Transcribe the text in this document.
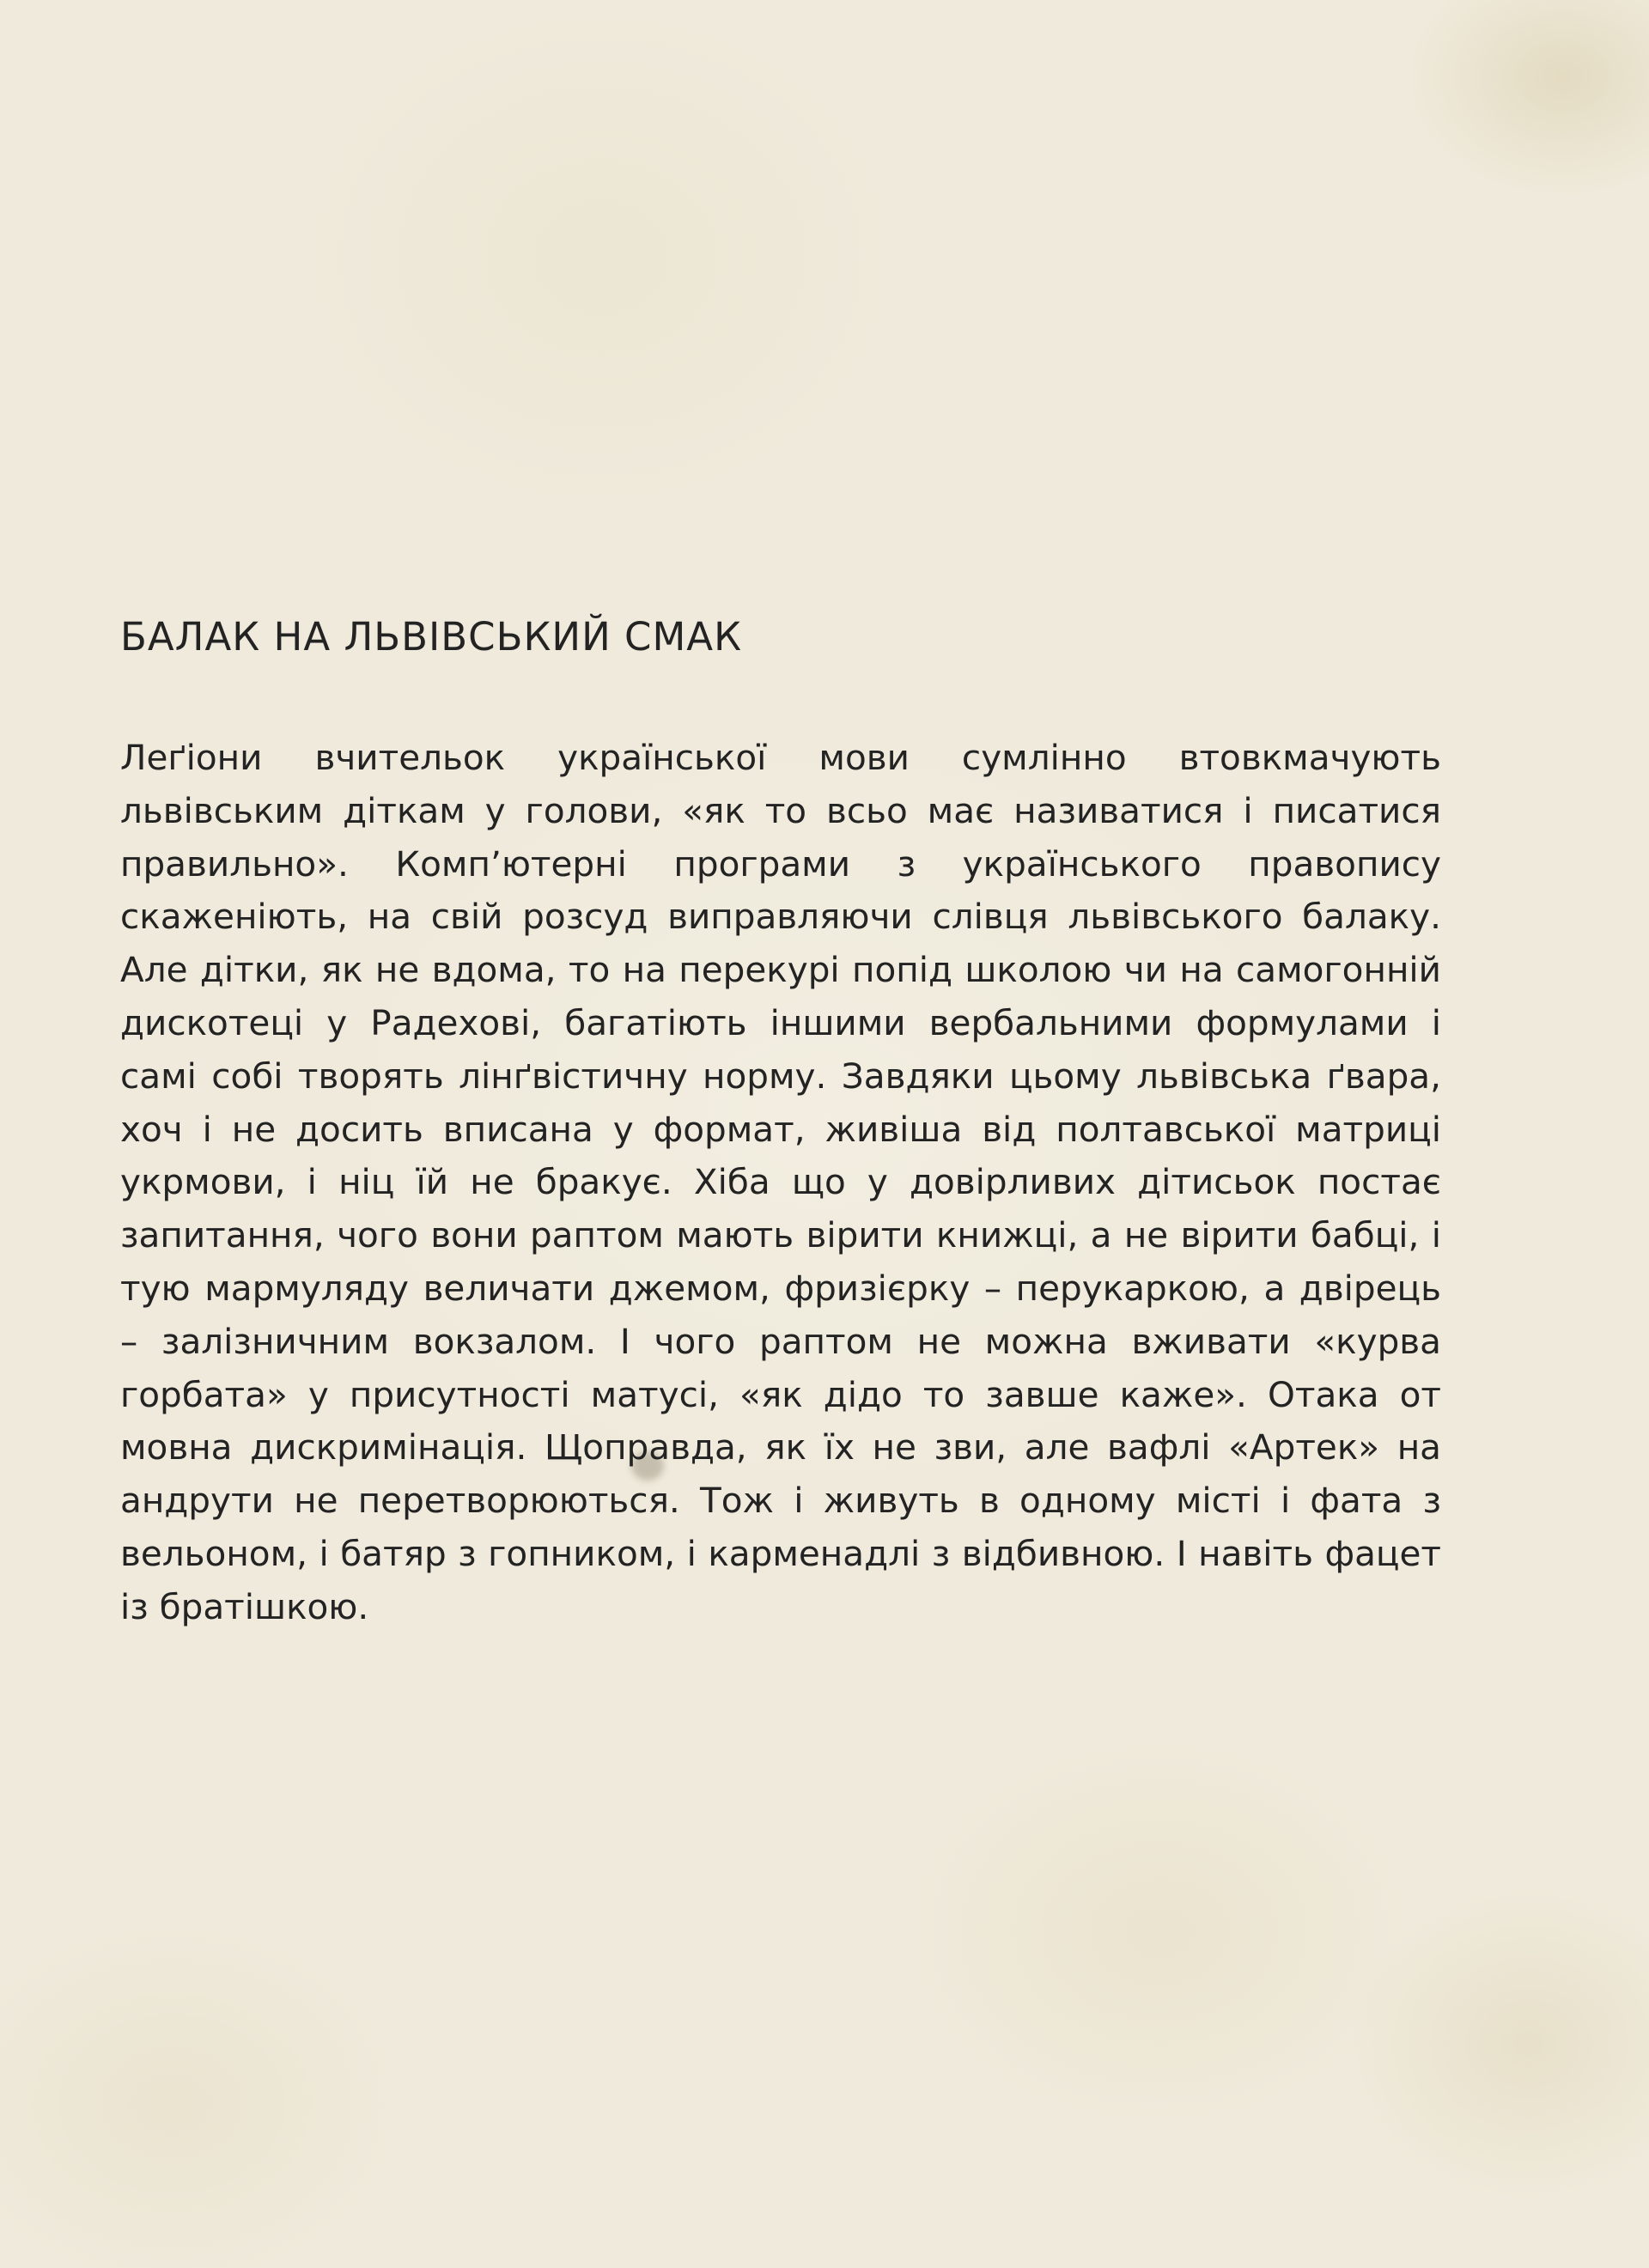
БАЛАК НА ЛЬВІВСЬКИЙ СМАК

Леґіони вчительок української мови сумлінно втовкмачують львівським діткам у голови, «як то всьо має називатися і писатися правильно». Комп’ютерні програми з українського правопису скаженіють, на свій розсуд виправляючи слівця львівського балаку. Але дітки, як не вдома, то на перекурі попід школою чи на самогонній дискотеці у Радехові, багатіють іншими вербальними формулами і самі собі творять лінґвістичну норму. Завдяки цьому львівська ґвара, хоч і не досить вписана у формат, живіша від полтавської матриці укрмови, і ніц їй не бракує. Хіба що у довірливих дітисьок постає запитання, чого вони раптом мають вірити книжці, а не вірити бабці, і тую мармуляду величати джемом, фризієрку – перукаркою, а двірець – залізничним вокзалом. І чого раптом не можна вживати «курва горбата» у присутності матусі, «як дідо то завше каже». Отака от мовна дискримінація. Щоправда, як їх не зви, але вафлі «Артек» на андрути не перетворюються. Тож і живуть в одному місті і фата з вельоном, і батяр з гопником, і карменадлі з відбивною. І навіть фацет із братішкою.
